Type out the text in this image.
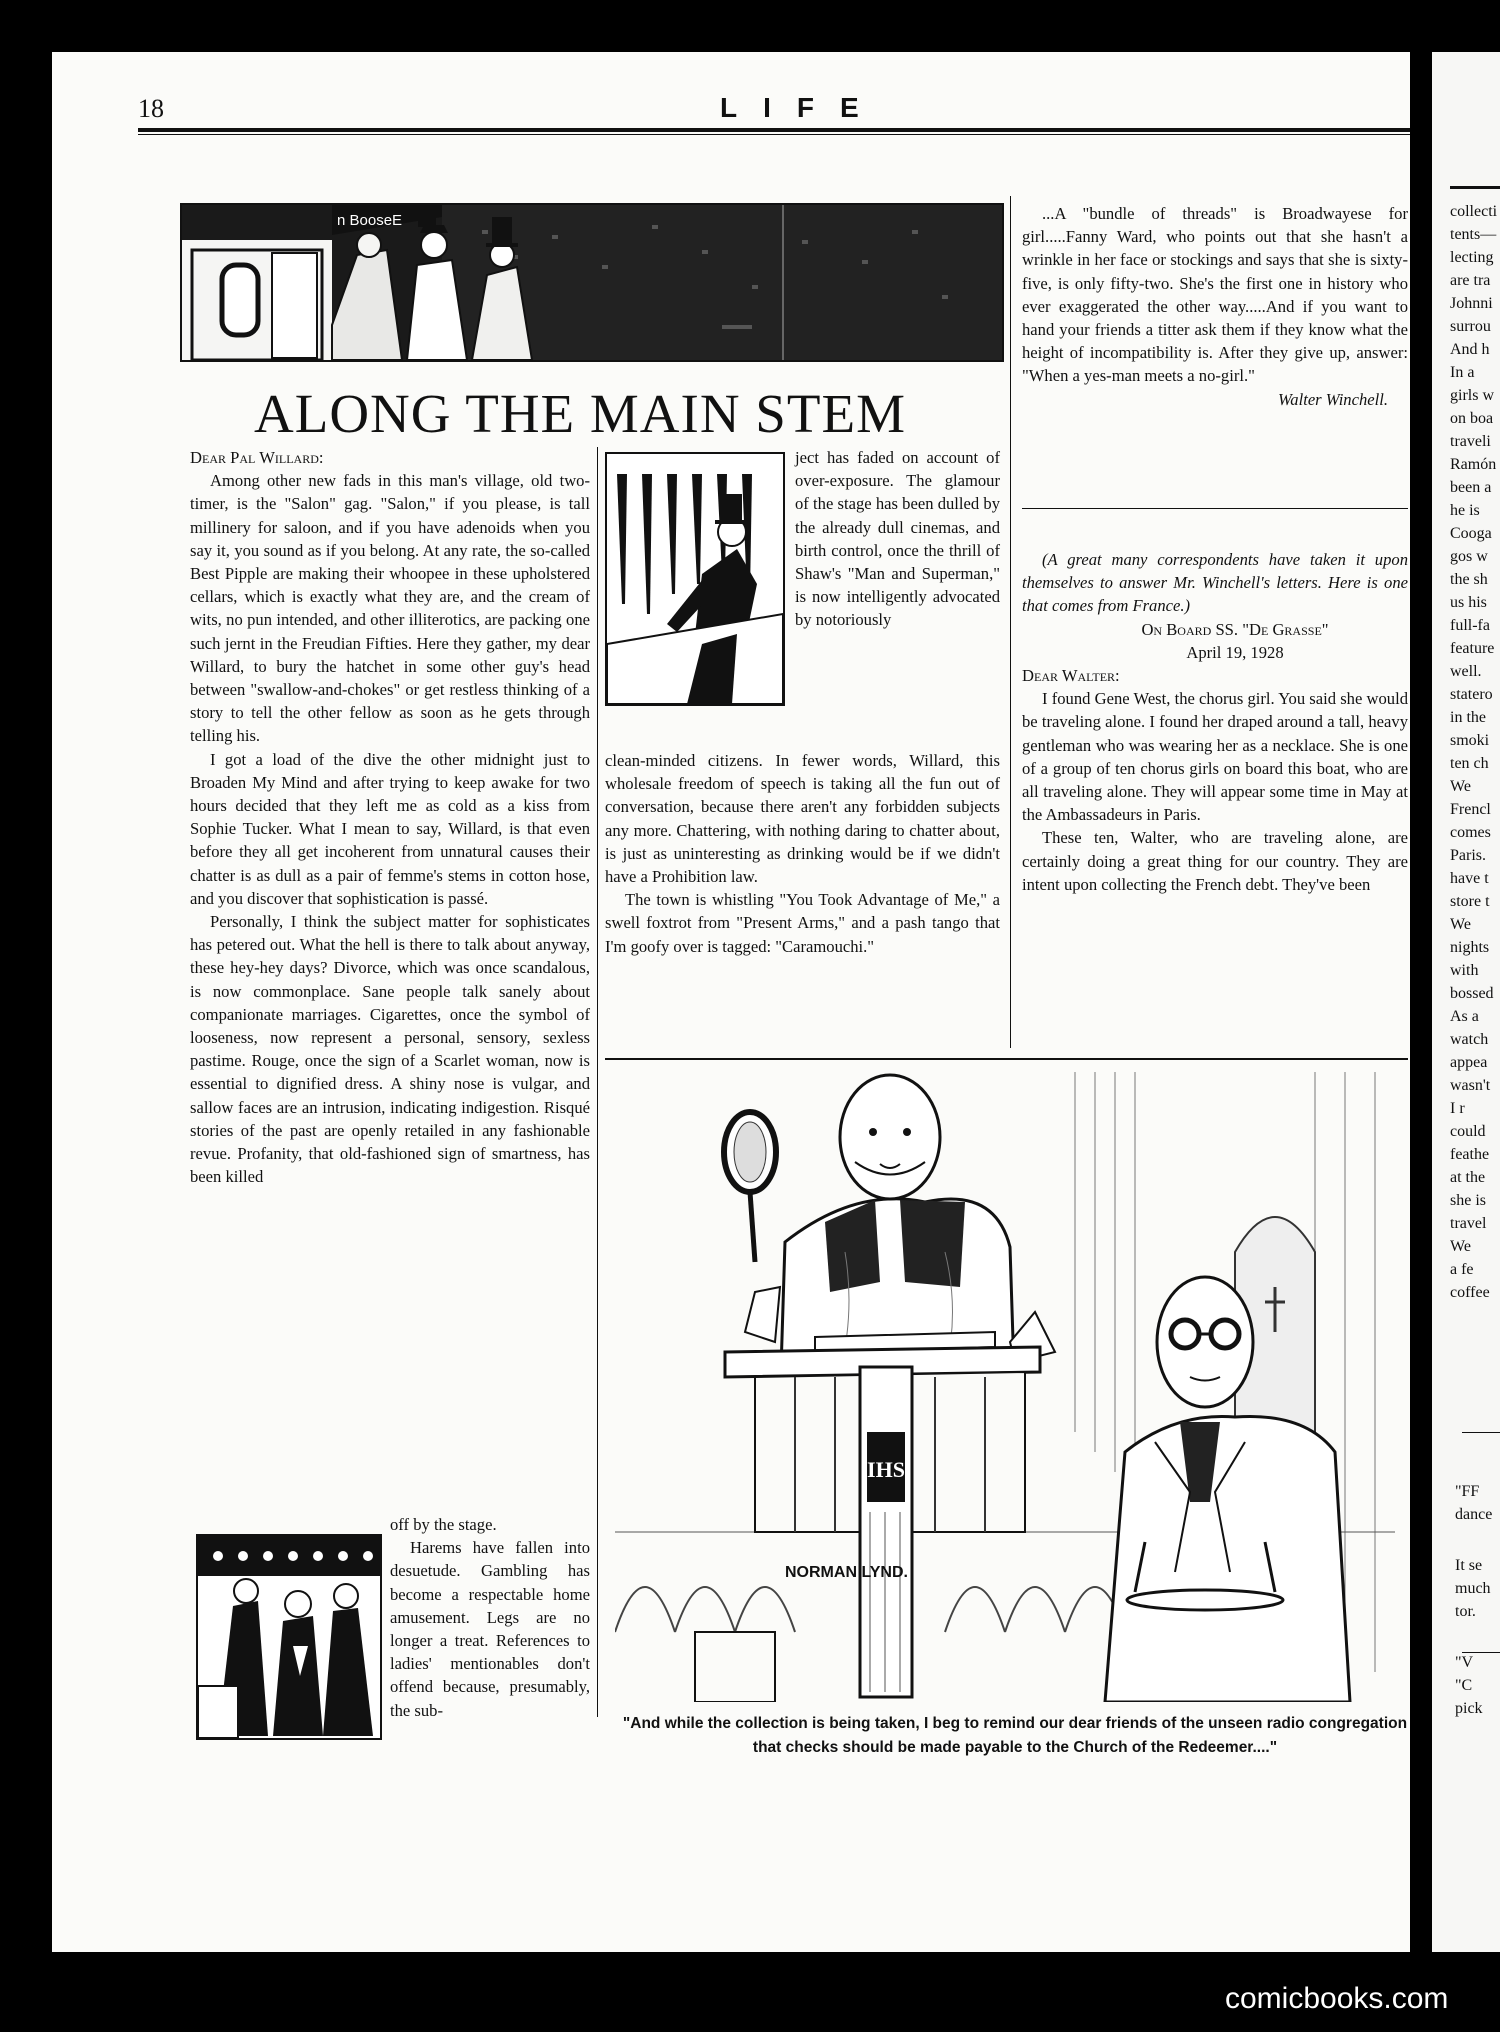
18	LIFE
n BooseE
ALONG THE MAIN STEM
Dear Pal Willard:

Among other new fads in this man's village, old two-timer, is the "Salon" gag. "Salon," if you please, is tall millinery for saloon, and if you have adenoids when you say it, you sound as if you belong. At any rate, the so-called Best Pipple are making their whoopee in these upholstered cellars, which is exactly what they are, and the cream of wits, no pun intended, and other illiterotics, are packing one such jernt in the Freudian Fifties. Here they gather, my dear Willard, to bury the hatchet in some other guy's head between "swallow-and-chokes" or get restless thinking of a story to tell the other fellow as soon as he gets through telling his.

I got a load of the dive the other midnight just to Broaden My Mind and after trying to keep awake for two hours decided that they left me as cold as a kiss from Sophie Tucker. What I mean to say, Willard, is that even before they all get incoherent from unnatural causes their chatter is as dull as a pair of femme's stems in cotton hose, and you discover that sophistication is passé.

Personally, I think the subject matter for sophisticates has petered out. What the hell is there to talk about anyway, these hey-hey days? Divorce, which was once scandalous, is now commonplace. Sane people talk sanely about companionate marriages. Cigarettes, once the symbol of looseness, now represent a personal, sensory, sexless pastime. Rouge, once the sign of a Scarlet woman, now is essential to dignified dress. A shiny nose is vulgar, and sallow faces are an intrusion, indicating indigestion. Risqué stories of the past are openly retailed in any fashionable revue. Profanity, that old-fashioned sign of smartness, has been killed

off by the stage.

Harems have fallen into desuetude. Gambling has become a respectable home amusement. Legs are no longer a treat. References to ladies' mentionables don't offend because, presumably, the sub-

ject has faded on account of over-exposure. The glamour of the stage has been dulled by the already dull cinemas, and birth control, once the thrill of Shaw's "Man and Superman," is now intelligently advocated by notoriously

clean-minded citizens. In fewer words, Willard, this wholesale freedom of speech is taking all the fun out of conversation, because there aren't any forbidden subjects any more. Chattering, with nothing daring to chatter about, is just as uninteresting as drinking would be if we didn't have a Prohibition law.

The town is whistling "You Took Advantage of Me," a swell foxtrot from "Present Arms," and a pash tango that I'm goofy over is tagged: "Caramouchi."

...A "bundle of threads" is Broadwayese for girl.....Fanny Ward, who points out that she hasn't a wrinkle in her face or stockings and says that she is sixty-five, is only fifty-two. She's the first one in history who ever exaggerated the other way.....And if you want to hand your friends a titter ask them if they know what the height of incompatibility is. After they give up, answer: "When a yes-man meets a no-girl."

Walter Winchell.

(A great many correspondents have taken it upon themselves to answer Mr. Winchell's letters. Here is one that comes from France.)

On Board SS. "De Grasse"

April 19, 1928

Dear Walter:

I found Gene West, the chorus girl. You said she would be traveling alone. I found her draped around a tall, heavy gentleman who was wearing her as a necklace. She is one of a group of ten chorus girls on board this boat, who are all traveling alone. They will appear some time in May at the Ambassadeurs in Paris.

These ten, Walter, who are traveling alone, are certainly doing a great thing for our country. They are intent upon collecting the French debt. They've been

IHS
NORMAN LYND.
"And while the collection is being taken, I beg to remind our dear friends of the unseen radio congregation that checks should be made payable to the Church of the Redeemer...."
collecti
tents—
lecting
are tra
Johnni
surrou
And h
In a
girls w
on boa
traveli
Ramón
been a
he is
Cooga
gos w
the sh
us his
full-fa
feature
well.
statero
in the
smoki
ten ch
We
Frencl
comes
Paris.
have t
store t
We
nights
with
bossed
As a
watch
appea
wasn't
I r
could
feathe
at the
she is
travel
We
a fe
coffee
"FF
dance
It se
much
tor.
"V
"C
pick
comicbooks.com
